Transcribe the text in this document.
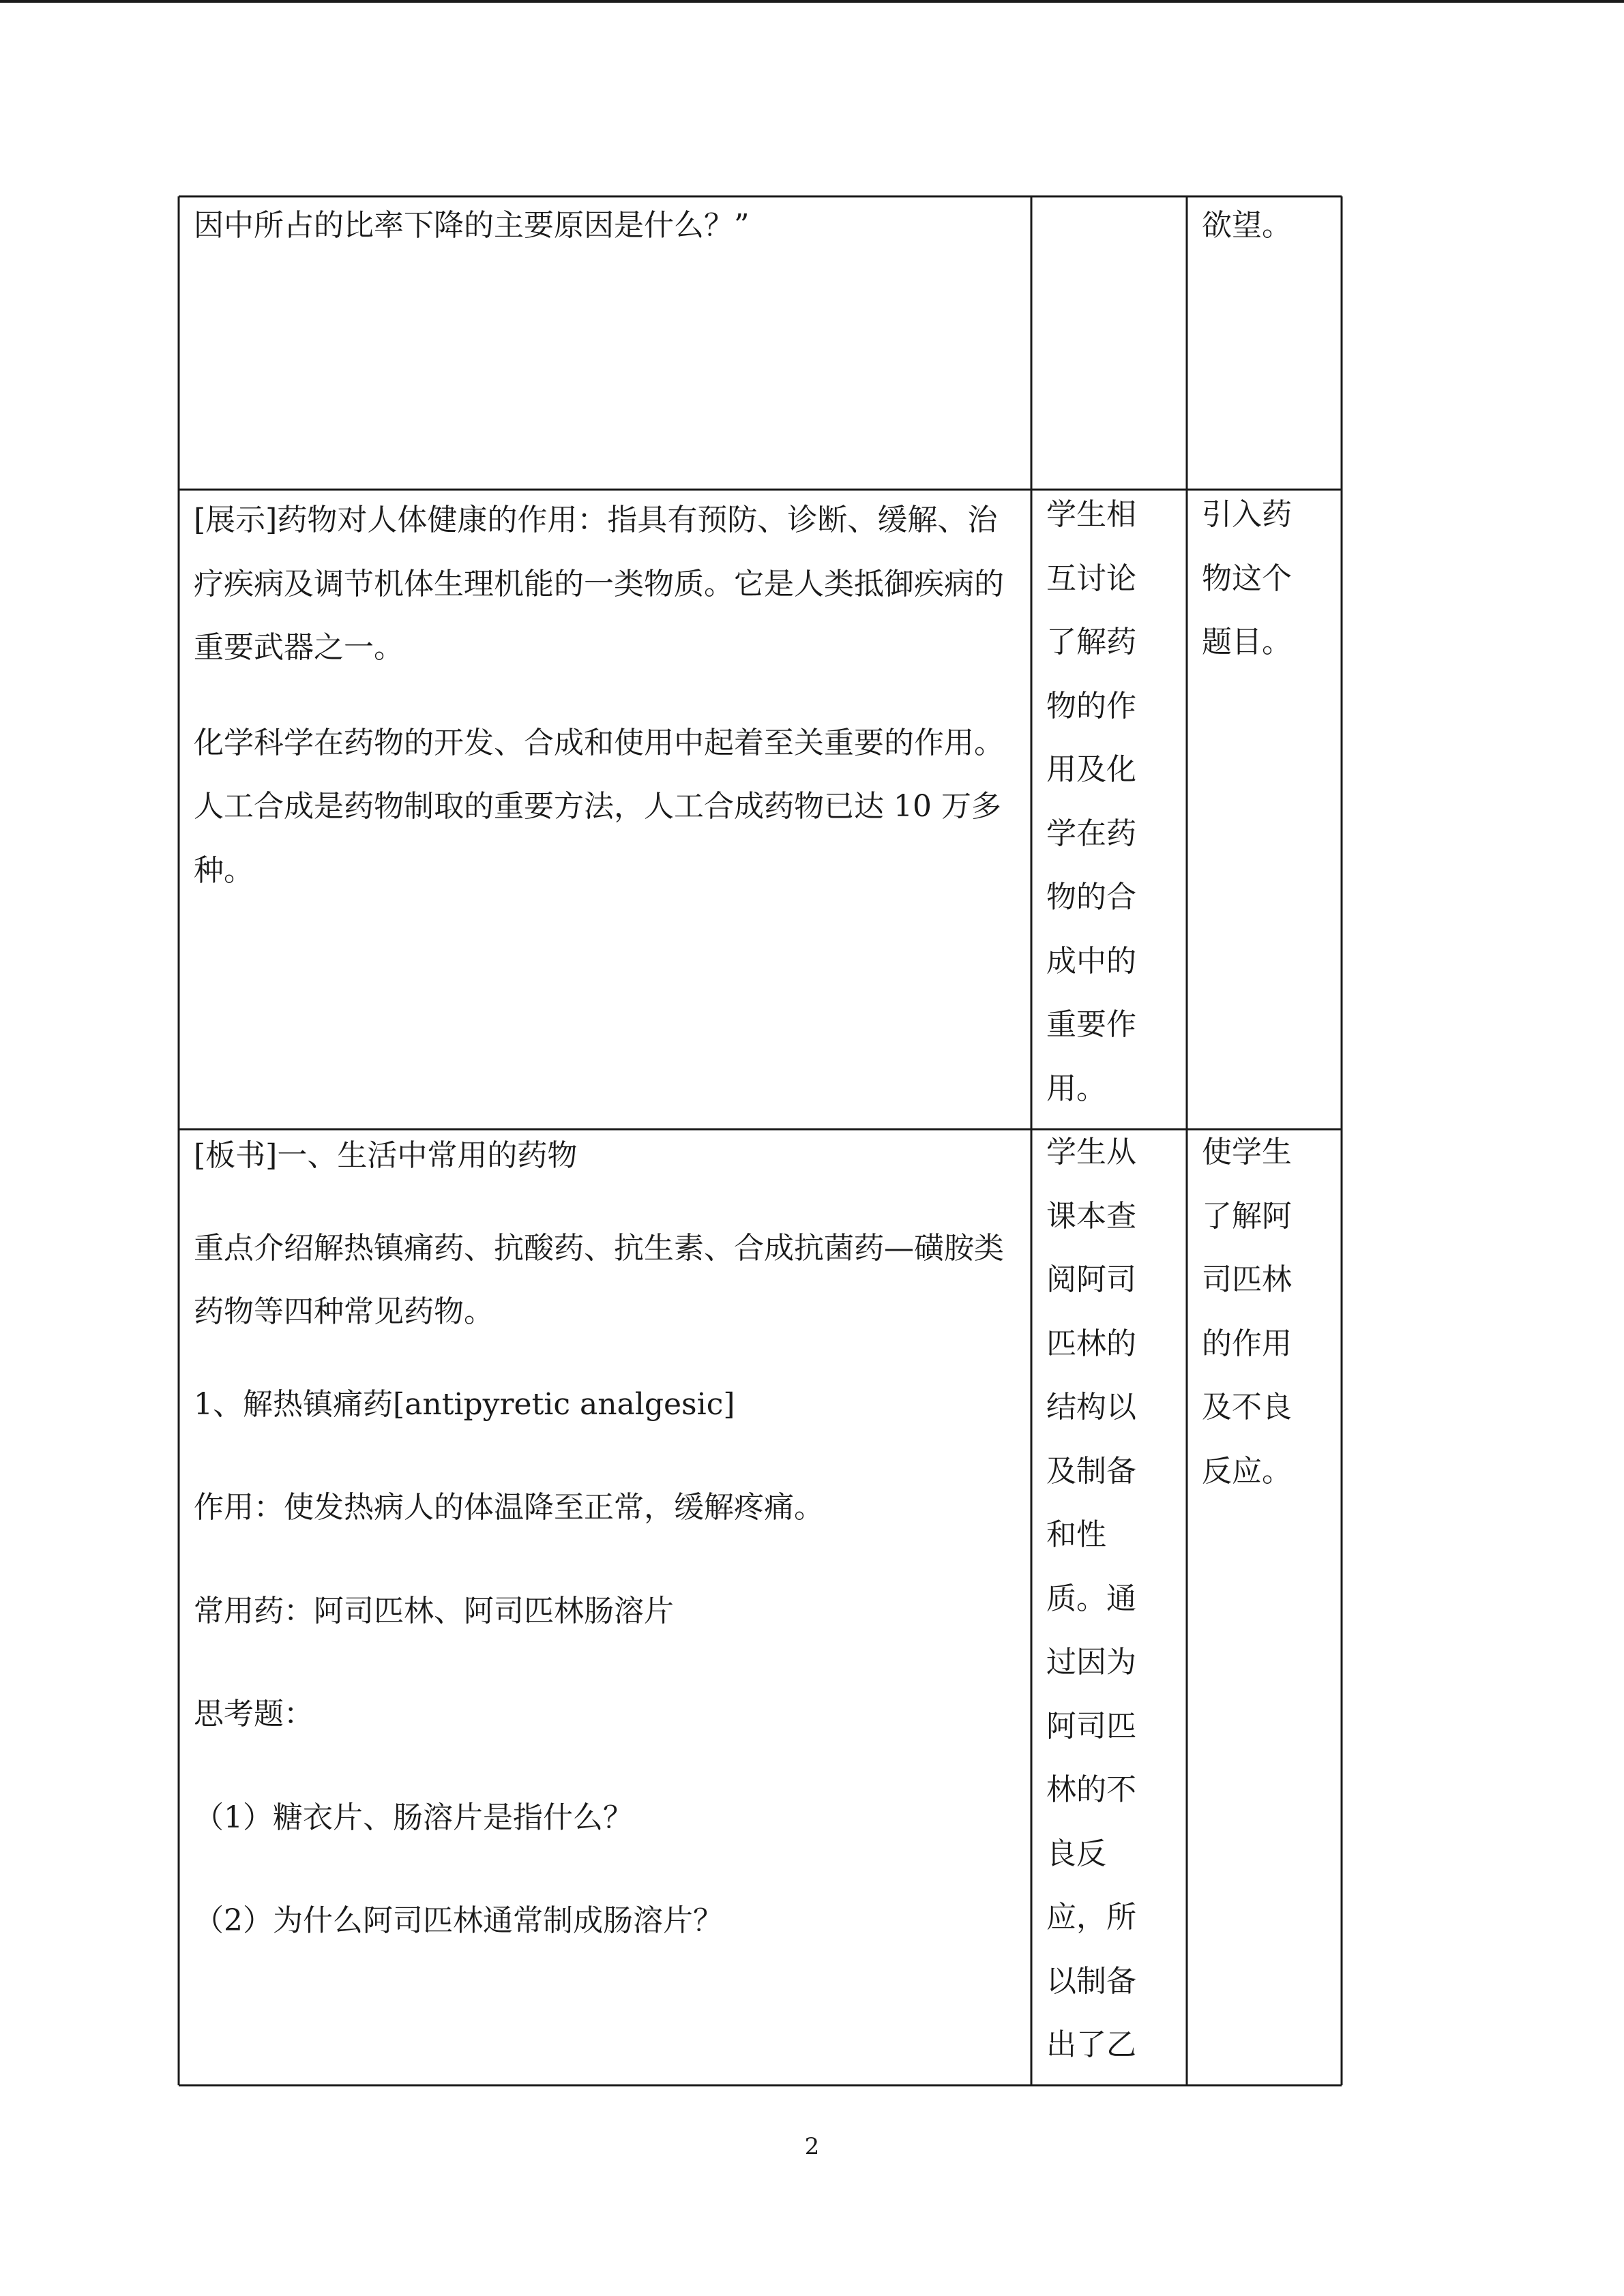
因中所占的比率下降的主要原因是什么？”	欲望。
[展示]药物对人体健康的作用：指具有预防、诊断、缓解、治疗疾病及调节机体生理机能的一类物质。它是人类抵御疾病的重要武器之一。
化学科学在药物的开发、合成和使用中起着至关重要的作用。人工合成是药物制取的重要方法，人工合成药物已达 10 万多种。
学生相
互讨论
了解药
物的作
用及化
学在药
物的合
成中的
重要作
用。
引入药
物这个
题目。
[板书]一、生活中常用的药物
重点介绍解热镇痛药、抗酸药、抗生素、合成抗菌药—磺胺类药物等四种常见药物。
1、解热镇痛药[antipyretic analgesic]
作用：使发热病人的体温降至正常，缓解疼痛。
常用药：阿司匹林、阿司匹林肠溶片
思考题：
（1）糖衣片、肠溶片是指什么？
（2）为什么阿司匹林通常制成肠溶片？
学生从
课本查
阅阿司
匹林的
结构以
及制备
和性
质。通
过因为
阿司匹
林的不
良反
应，所
以制备
出了乙
使学生
了解阿
司匹林
的作用
及不良
反应。
2
